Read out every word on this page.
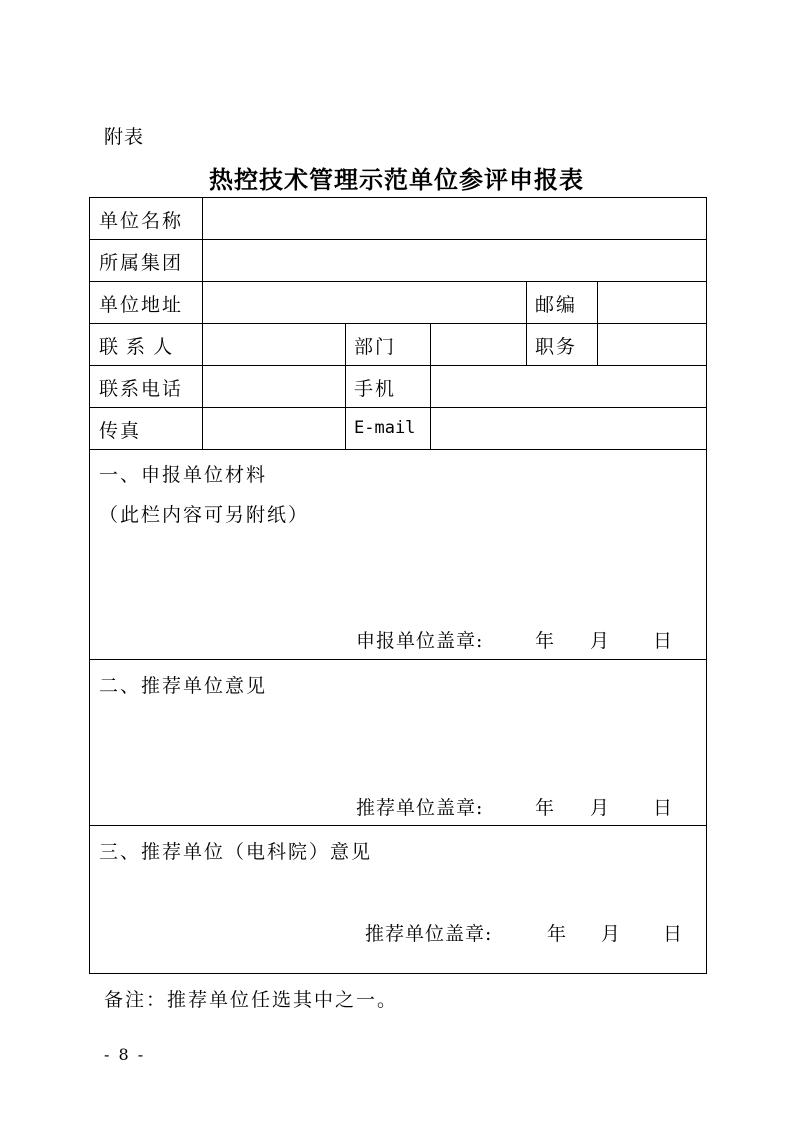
附表
热控技术管理示范单位参评申报表
单位名称
所属集团
单位地址	邮编
联 系 人	部门	职务
联系电话	手机
传真	E-mail
一、申报单位材料
（此栏内容可另附纸）
申报单位盖章:	年 月 日
二、推荐单位意见
推荐单位盖章:	年 月 日
三、推荐单位（电科院）意见
推荐单位盖章:	年 月 日
备注：推荐单位任选其中之一。
- 8 -
